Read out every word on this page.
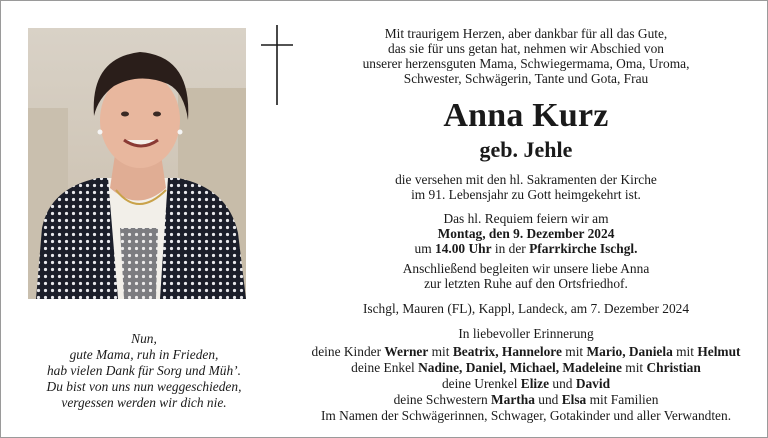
Mit traurigem Herzen, aber dankbar für all das Gute,
das sie für uns getan hat, nehmen wir Abschied von
unserer herzensguten Mama, Schwiegermama, Oma, Uroma,
Schwester, Schwägerin, Tante und Gota, Frau
Anna Kurz
geb. Jehle
die versehen mit den hl. Sakramenten der Kirche
im 91. Lebensjahr zu Gott heimgekehrt ist.
Das hl. Requiem feiern wir am
Montag, den 9. Dezember 2024
um 14.00 Uhr in der Pfarrkirche Ischgl.
Anschließend begleiten wir unsere liebe Anna
zur letzten Ruhe auf den Ortsfriedhof.
Ischgl, Mauren (FL), Kappl, Landeck, am 7. Dezember 2024
In liebevoller Erinnerung
deine Kinder Werner mit Beatrix, Hannelore mit Mario, Daniela mit Helmut
deine Enkel Nadine, Daniel, Michael, Madeleine mit Christian
deine Urenkel Elize und David
deine Schwestern Martha und Elsa mit Familien
Im Namen der Schwägerinnen, Schwager, Gotakinder und aller Verwandten.
Nun,
gute Mama, ruh in Frieden,
hab vielen Dank für Sorg und Müh’.
Du bist von uns nun weggeschieden,
vergessen werden wir dich nie.
